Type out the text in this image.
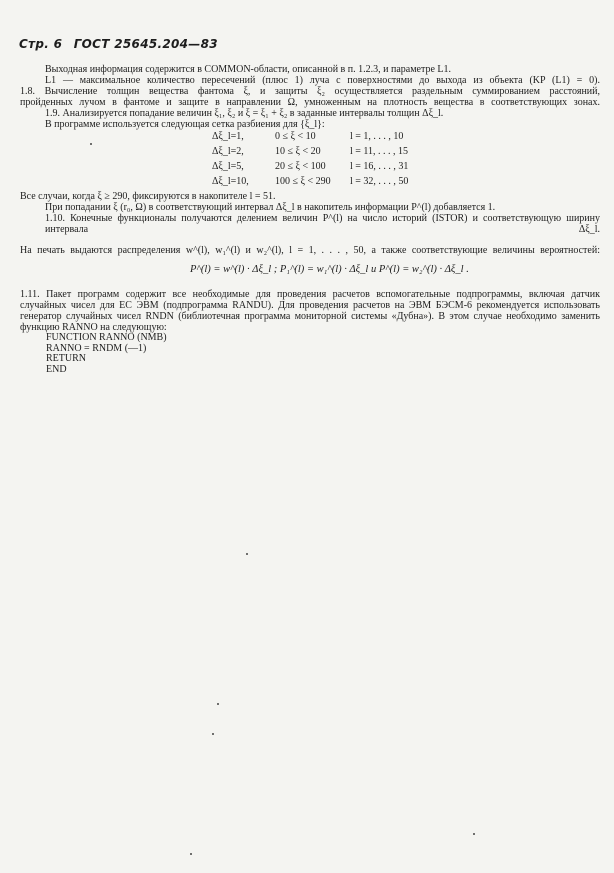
Стр. 6 ГОСТ 25645.204—83

Выходная информация содержится в COMMON-области, описанной в п. 1.2.3, и параметре L1.

L1 — максимальное количество пересечений (плюс 1) луча с поверхностями до выхода из объекта (KP (L1) = 0).

1.8. Вычисление толщин вещества фантома ξ, и защиты ξ₂ осуществляется раздельным суммированием расстояний,

пройденных лучом в фантоме и защите в направлении Ω, умноженным на плотность вещества в соответствующих зонах.

1.9. Анализируется попадание величин ξ₁, ξ₂ и ξ = ξ₁ + ξ₂ в заданные интервалы толщин Δξ_l.

В программе используется следующая сетка разбиения для {ξ_l}:

Δξ_l=1,	0 ≤ ξ < 10	l = 1, . . . , 10
Δξ_l=2,	10 ≤ ξ < 20	l = 11, . . . , 15
Δξ_l=5,	20 ≤ ξ < 100	l = 16, . . . , 31
Δξ_l=10,	100 ≤ ξ < 290	l = 32, . . . , 50

Все случаи, когда ξ ≥ 290, фиксируются в накопителе l = 51.

При попадании ξ (r₀, Ω) в соответствующий интервал Δξ_l в накопитель информации P^(l) добавляется 1.

1.10. Конечные функционалы получаются делением величин P^(l) на число историй (ISTOR) и соответствующую ширину интервала Δξ_l.

На печать выдаются распределения w^(l), w₁^(l) и w₂^(l), l = 1, . . . , 50, а также соответствующие величины вероятностей:

P^(l) = w^(l) · Δξ_l ; P₁^(l) = w₁^(l) · Δξ_l и P^(l) = w₂^(l) · Δξ_l .

1.11. Пакет программ содержит все необходимые для проведения расчетов вспомогательные подпрограммы, включая датчик случайных чисел для ЕС ЭВМ (подпрограмма RANDU). Для проведения расчетов на ЭВМ БЭСМ-6 рекомендуется использовать генератор случайных чисел RNDN (библиотечная программа мониторной системы «Дубна»). В этом случае необходимо заменить функцию RANNO на следующую:

FUNCTION RANNO (NMB)
RANNO = RNDM (—1)
RETURN
END
